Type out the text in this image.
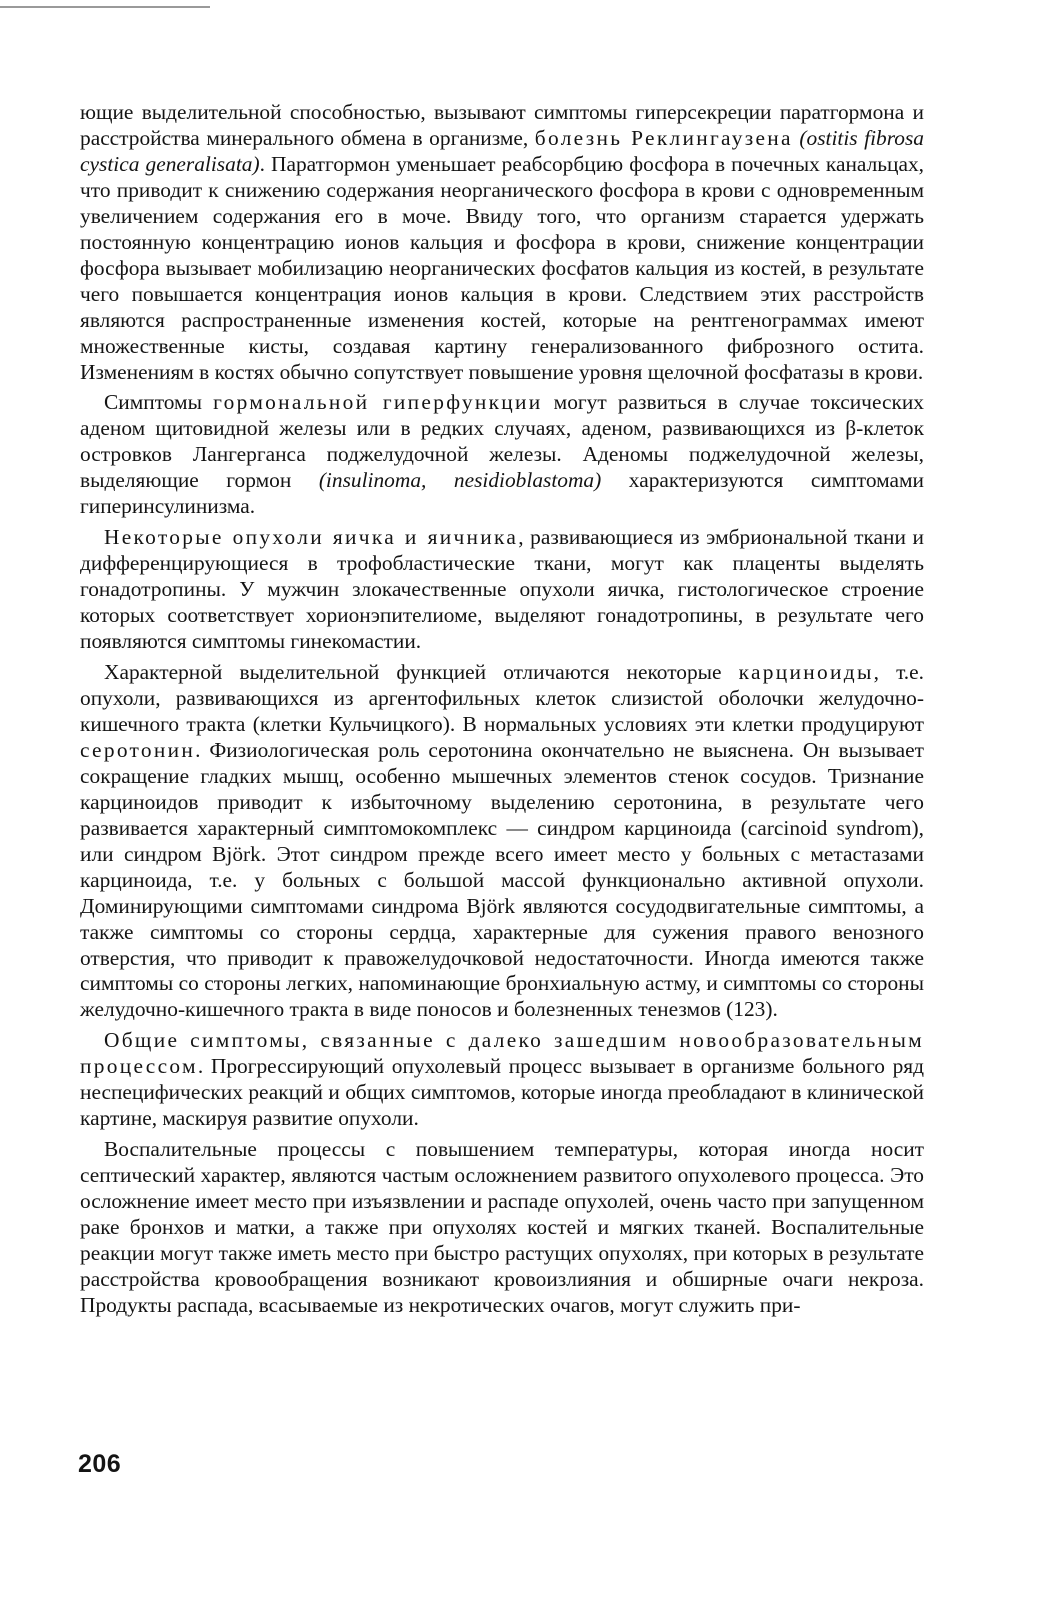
ющие выделительной способностью, вызывают симптомы гиперсекреции паратгормона и расстройства минерального обмена в организме, болезнь Реклингаузена (ostitis fibrosa cystica generalisata). Паратгормон уменьшает реабсорбцию фосфора в почечных канальцах, что приводит к снижению содержания неорганического фосфора в крови с одновременным увеличением содержания его в моче. Ввиду того, что организм старается удержать постоянную концентрацию ионов кальция и фосфора в крови, снижение концентрации фосфора вызывает мобилизацию неорганических фосфатов кальция из костей, в результате чего повышается концентрация ионов кальция в крови. Следствием этих расстройств являются распространенные изменения костей, которые на рентгенограммах имеют множественные кисты, создавая картину генерализованного фиброзного остита. Изменениям в костях обычно сопутствует повышение уровня щелочной фосфатазы в крови.

Симптомы гормональной гиперфункции могут развиться в случае токсических аденом щитовидной железы или в редких случаях, аденом, развивающихся из β-клеток островков Лангерганса поджелудочной железы. Аденомы поджелудочной железы, выделяющие гормон (insulinoma, nesidioblastoma) характеризуются симптомами гиперинсулинизма.

Некоторые опухоли яичка и яичника, развивающиеся из эмбриональной ткани и дифференцирующиеся в трофобластические ткани, могут как плаценты выделять гонадотропины. У мужчин злокачественные опухоли яичка, гистологическое строение которых соответствует хорионэпителиоме, выделяют гонадотропины, в результате чего появляются симптомы гинекомастии.

Характерной выделительной функцией отличаются некоторые карциноиды, т.е. опухоли, развивающихся из аргентофильных клеток слизистой оболочки желудочно-кишечного тракта (клетки Кульчицкого). В нормальных условиях эти клетки продуцируют серотонин. Физиологическая роль серотонина окончательно не выяснена. Он вызывает сокращение гладких мышц, особенно мышечных элементов стенок сосудов. Тризнание карциноидов приводит к избыточному выделению серотонина, в результате чего развивается характерный симптомокомплекс — синдром карциноида (carcinoid syndrom), или синдром Björk. Этот синдром прежде всего имеет место у больных с метастазами карциноида, т.е. у больных с большой массой функционально активной опухоли. Доминирующими симптомами синдрома Björk являются сосудодвигательные симптомы, а также симптомы со стороны сердца, характерные для сужения правого венозного отверстия, что приводит к правожелудочковой недостаточности. Иногда имеются также симптомы со стороны легких, напоминающие бронхиальную астму, и симптомы со стороны желудочно-кишечного тракта в виде поносов и болезненных тенезмов (123).

Общие симптомы, связанные с далеко зашедшим новообразовательным процессом. Прогрессирующий опухолевый процесс вызывает в организме больного ряд неспецифических реакций и общих симптомов, которые иногда преобладают в клинической картине, маскируя развитие опухоли.

Воспалительные процессы с повышением температуры, которая иногда носит септический характер, являются частым осложнением развитого опухолевого процесса. Это осложнение имеет место при изъязвлении и распаде опухолей, очень часто при запущенном раке бронхов и матки, а также при опухолях костей и мягких тканей. Воспалительные реакции могут также иметь место при быстро растущих опухолях, при которых в результате расстройства кровообращения возникают кровоизлияния и обширные очаги некроза. Продукты распада, всасываемые из некротических очагов, могут служить при-

206
